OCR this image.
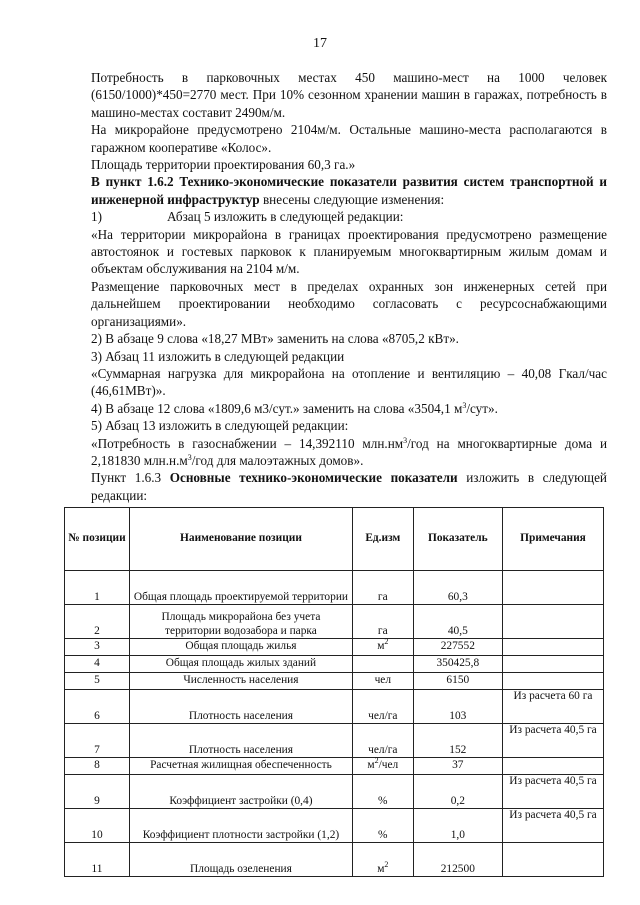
17

Потребность в парковочных местах 450 машино-мест на 1000 человек (6150/1000)*450=2770 мест. При 10% сезонном хранении машин в гаражах, потребность в машино-местах составит 2490м/м.

На микрорайоне предусмотрено 2104м/м. Остальные машино-места располагаются в гаражном кооперативе «Колос».

Площадь территории проектирования 60,3 га.»

В пункт 1.6.2 Технико-экономические показатели развития систем транспортной и инженерной инфраструктур внесены следующие изменения:

1)	Абзац 5 изложить в следующей редакции:

«На территории микрорайона в границах проектирования предусмотрено размещение автостоянок и гостевых парковок к планируемым многоквартирным жилым домам и объектам обслуживания на 2104 м/м.

Размещение парковочных мест в пределах охранных зон инженерных сетей при дальнейшем проектировании необходимо согласовать с ресурсоснабжающими организациями».

2) В абзаце 9 слова «18,27 МВт» заменить на слова «8705,2 кВт».

3) Абзац 11 изложить в следующей редакции

«Суммарная нагрузка для микрорайона на отопление и вентиляцию – 40,08 Гкал/час (46,61МВт)».

4) В абзаце 12 слова «1809,6 м3/сут.» заменить на слова «3504,1 $м^3$/сут».

5) Абзац 13 изложить в следующей редакции:

«Потребность в газоснабжении – 14,392110 $млн.нм^3$/год на многоквартирные дома и 2,181830 $млн.н.м^3$/год для малоэтажных домов».

Пункт 1.6.3 Основные технико-экономические показатели изложить в следующей редакции:

№ позиции	Наименование позиции	Ед.изм	Показатель	Примечания
1	Общая площадь проектируемой территории	га	60,3	
2	Площадь микрорайона без учета территории водозабора и парка	га	40,5	
3	Общая площадь жилья	$м^2$	227552	
4	Общая площадь жилых зданий		350425,8	
5	Численность населения	чел	6150	
6	Плотность населения	чел/га	103	Из расчета 60 га
7	Плотность населения	чел/га	152	Из расчета 40,5 га
8	Расчетная жилищная обеспеченность	$м^2$/чел	37	
9	Коэффициент застройки (0,4)	%	0,2	Из расчета 40,5 га
10	Коэффициент плотности застройки (1,2)	%	1,0	Из расчета 40,5 га
11	Площадь озеленения	$м^2$	212500	
